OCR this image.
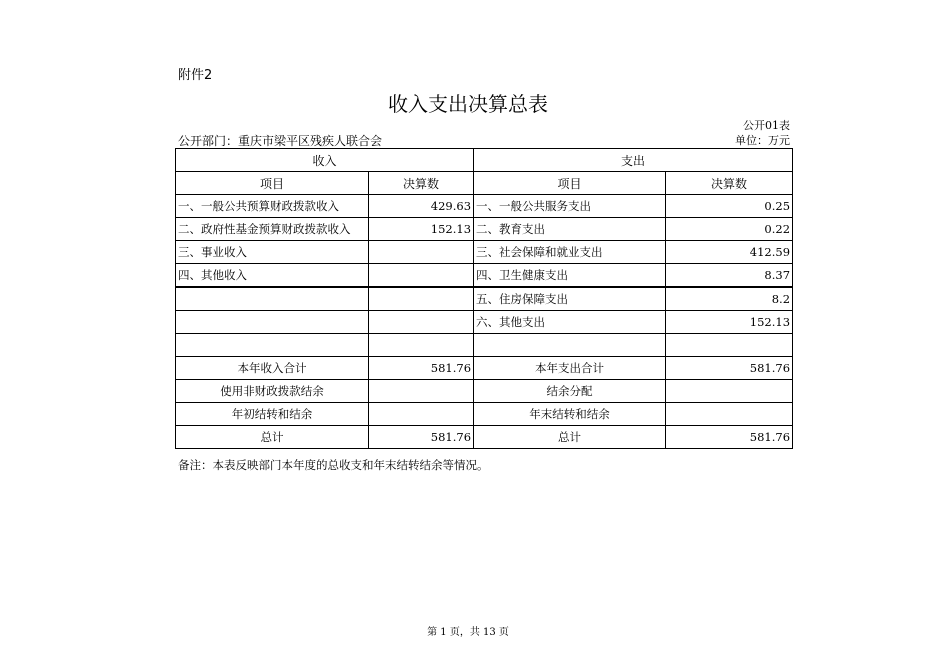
附件2
收入支出决算总表
公开01表
公开部门：重庆市梁平区残疾人联合会	单位：万元
收入		支出	
项目	决算数	项目	决算数
一、一般公共预算财政拨款收入	429.63	一、一般公共服务支出	0.25
二、政府性基金预算财政拨款收入	152.13	二、教育支出	0.22
三、事业收入		三、社会保障和就业支出	412.59
四、其他收入		四、卫生健康支出	8.37
		五、住房保障支出	8.2
		六、其他支出	152.13

本年收入合计	581.76	本年支出合计	581.76
使用非财政拨款结余		结余分配	
年初结转和结余		年末结转和结余	
总计	581.76	总计	581.76
备注：本表反映部门本年度的总收支和年末结转结余等情况。
第 1 页，共 13 页
